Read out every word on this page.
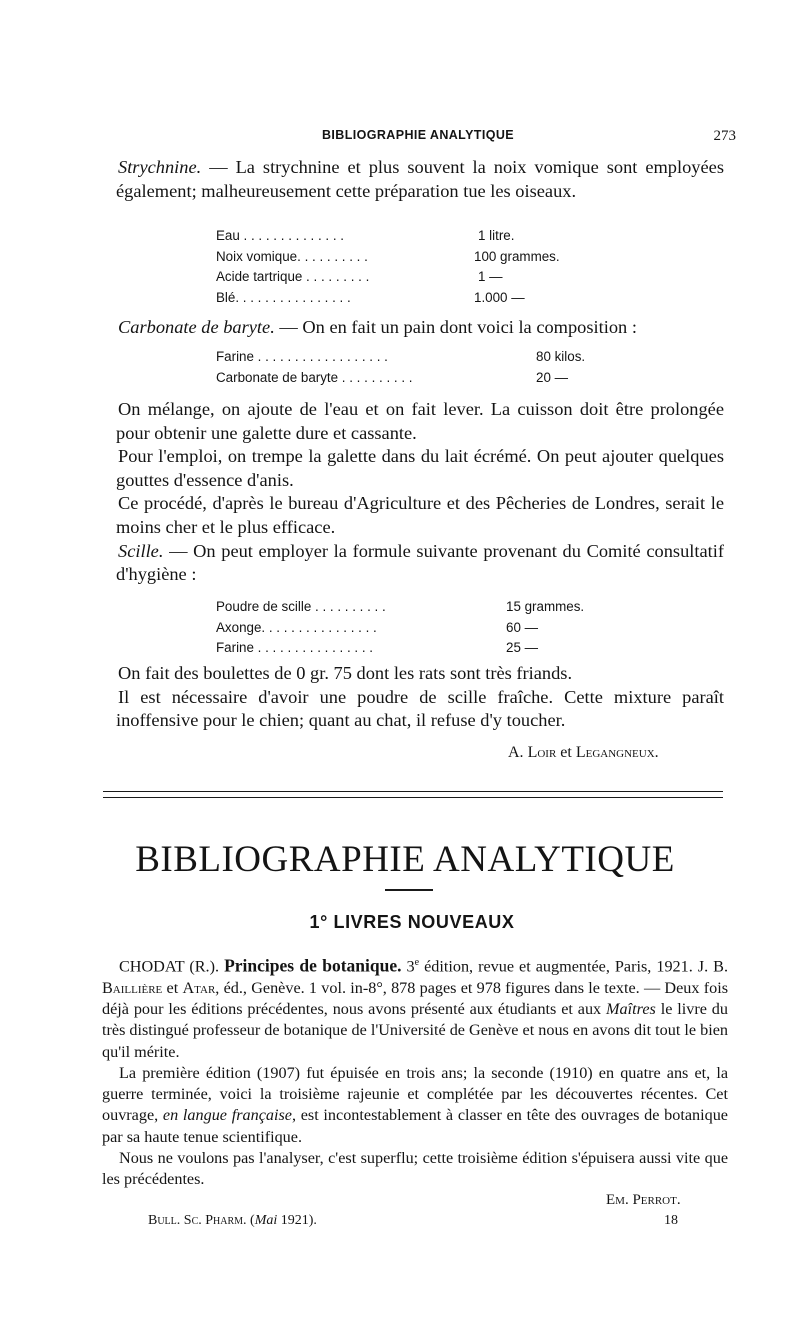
BIBLIOGRAPHIE ANALYTIQUE	273

Strychnine. — La strychnine et plus souvent la noix vomique sont employées également; malheureusement cette préparation tue les oiseaux.

Eau . . . . . . . . . . . . . .	1 litre.
Noix vomique. . . . . . . . . .	100 grammes.
Acide tartrique . . . . . . . . .	1 —
Blé. . . . . . . . . . . . . . . .	1.000 —

Carbonate de baryte. — On en fait un pain dont voici la composition :

Farine . . . . . . . . . . . . . . . . . .	80 kilos.
Carbonate de baryte . . . . . . . . . .	20 —

On mélange, on ajoute de l'eau et on fait lever. La cuisson doit être prolongée pour obtenir une galette dure et cassante.

Pour l'emploi, on trempe la galette dans du lait écrémé. On peut ajouter quelques gouttes d'essence d'anis.

Ce procédé, d'après le bureau d'Agriculture et des Pêcheries de Londres, serait le moins cher et le plus efficace.

Scille. — On peut employer la formule suivante provenant du Comité consultatif d'hygiène :

Poudre de scille . . . . . . . . . .	15 grammes.
Axonge. . . . . . . . . . . . . . . .	60 —
Farine . . . . . . . . . . . . . . . .	25 —

On fait des boulettes de 0 gr. 75 dont les rats sont très friands.

Il est nécessaire d'avoir une poudre de scille fraîche. Cette mixture paraît inoffensive pour le chien; quant au chat, il refuse d'y toucher.

A. Loir et Legangneux.
BIBLIOGRAPHIE ANALYTIQUE
1° LIVRES NOUVEAUX

CHODAT (R.). Principes de botanique. 3e édition, revue et augmentée, Paris, 1921. J. B. Baillière et Atar, éd., Genève. 1 vol. in-8°, 878 pages et 978 figures dans le texte. — Deux fois déjà pour les éditions précédentes, nous avons présenté aux étudiants et aux Maîtres le livre du très distingué professeur de botanique de l'Université de Genève et nous en avons dit tout le bien qu'il mérite.

La première édition (1907) fut épuisée en trois ans; la seconde (1910) en quatre ans et, la guerre terminée, voici la troisième rajeunie et complétée par les découvertes récentes. Cet ouvrage, en langue française, est incontestablement à classer en tête des ouvrages de botanique par sa haute tenue scientifique.

Nous ne voulons pas l'analyser, c'est superflu; cette troisième édition s'épuisera aussi vite que les précédentes.

Em. Perrot.
Bull. Sc. Pharm. (Mai 1921).	18
